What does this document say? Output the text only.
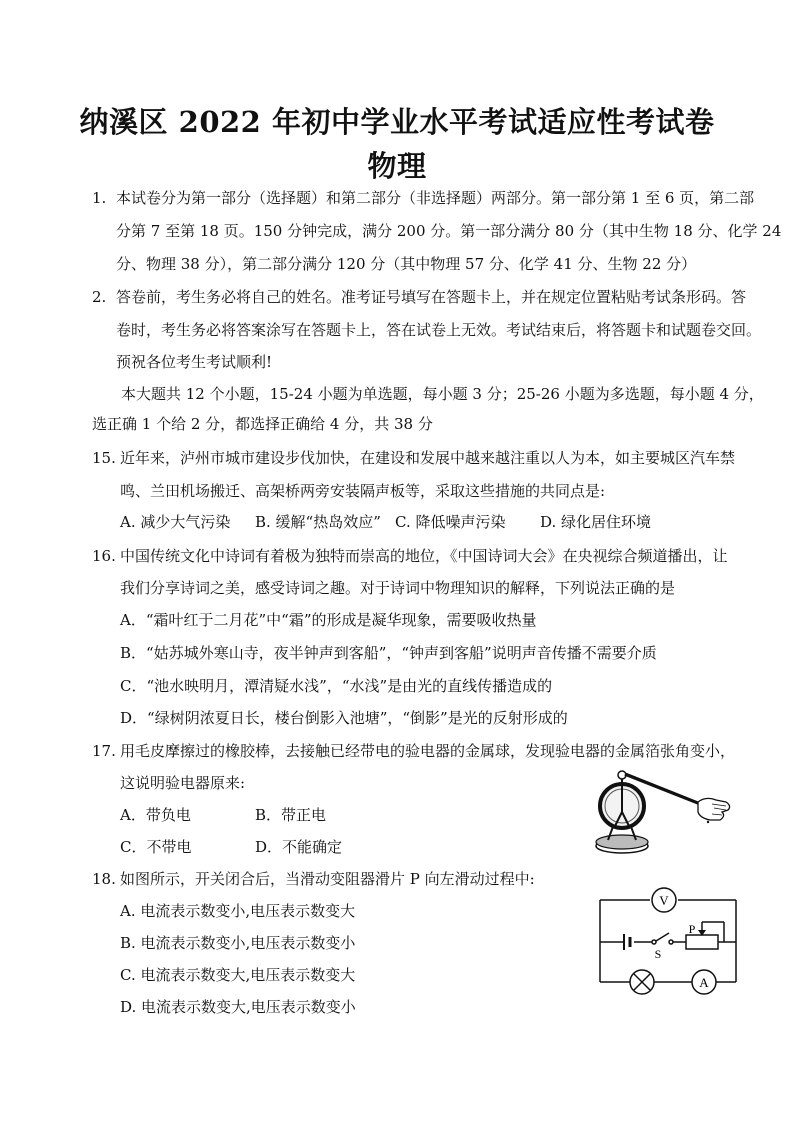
纳溪区 2022 年初中学业水平考试适应性考试卷
物理
1. 本试卷分为第一部分（选择题）和第二部分（非选择题）两部分。第一部分第 1 至 6 页，第二部
分第 7 至第 18 页。150 分钟完成，满分 200 分。第一部分满分 80 分（其中生物 18 分、化学 24
分、物理 38 分），第二部分满分 120 分（其中物理 57 分、化学 41 分、生物 22 分）
2. 答卷前，考生务必将自己的姓名。准考证号填写在答题卡上，并在规定位置粘贴考试条形码。答
卷时，考生务必将答案涂写在答题卡上，答在试卷上无效。考试结束后，将答题卡和试题卷交回。
预祝各位考生考试顺利!
本大题共 12 个小题，15-24 小题为单选题，每小题 3 分；25-26 小题为多选题，每小题 4 分，
选正确 1 个给 2 分，都选择正确给 4 分，共 38 分
15. 近年来，泸州市城市建设步伐加快，在建设和发展中越来越注重以人为本，如主要城区汽车禁
鸣、兰田机场搬迁、高架桥两旁安装隔声板等，采取这些措施的共同点是:
A. 减少大气污染 B. 缓解“热岛效应” C. 降低噪声污染 D. 绿化居住环境
16. 中国传统文化中诗词有着极为独特而崇高的地位，《中国诗词大会》在央视综合频道播出，让
我们分享诗词之美，感受诗词之趣。对于诗词中物理知识的解释，下列说法正确的是
A．“霜叶红于二月花”中“霜”的形成是凝华现象，需要吸收热量
B．“姑苏城外寒山寺，夜半钟声到客船”，“钟声到客船”说明声音传播不需要介质
C．“池水映明月，潭清疑水浅”，“水浅”是由光的直线传播造成的
D．“绿树阴浓夏日长，楼台倒影入池塘”，“倒影”是光的反射形成的
17. 用毛皮摩擦过的橡胶棒，去接触已经带电的验电器的金属球，发现验电器的金属箔张角变小，
这说明验电器原来:
A．带负电	B．带正电
C．不带电	D．不能确定
18. 如图所示，开关闭合后，当滑动变阻器滑片 P 向左滑动过程中:
A. 电流表示数变小,电压表示数变大
B. 电流表示数变小,电压表示数变小
C. 电流表示数变大,电压表示数变大
D. 电流表示数变大,电压表示数变小
V
A
P
S
